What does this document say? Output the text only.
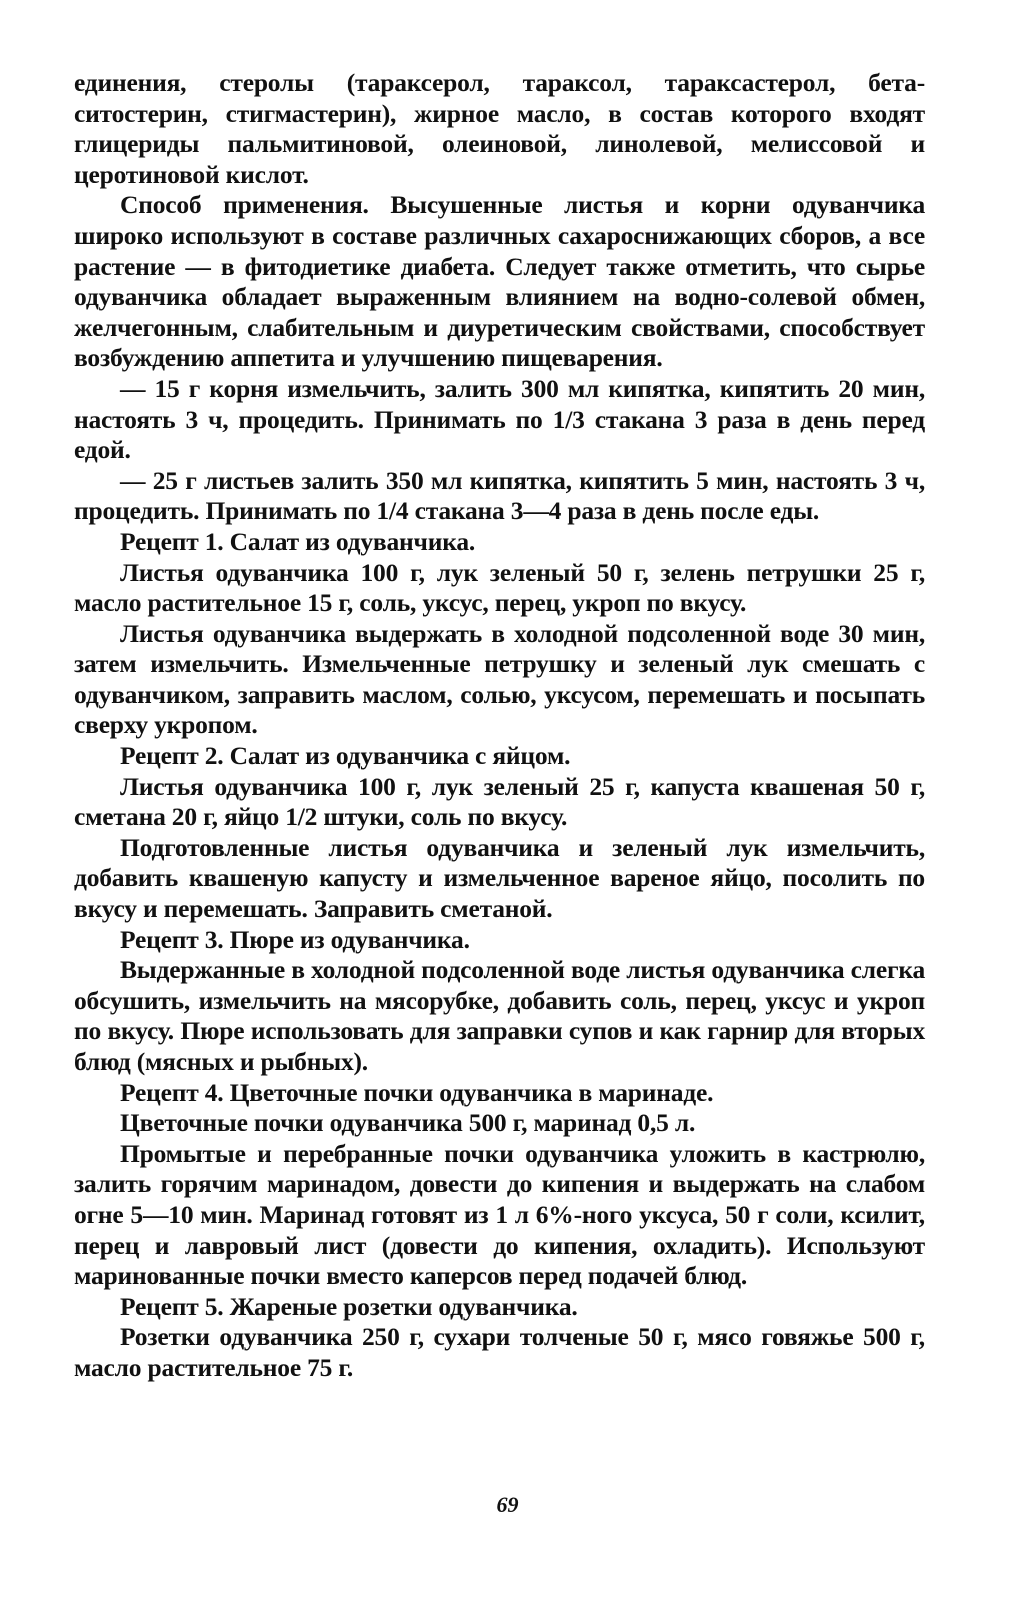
единения, стеролы (тараксерол, тараксол, тараксастерол, бета-ситостерин, стигмастерин), жирное масло, в состав которого входят глицериды пальмитиновой, олеиновой, линолевой, мелиссовой и церотиновой кислот.

Способ применения. Высушенные листья и корни одуванчика широко используют в составе различных сахароснижающих сборов, а все растение — в фитодиетике диабета. Следует также отметить, что сырье одуванчика обладает выраженным влиянием на водно-солевой обмен, желчегонным, слабительным и диуретическим свойствами, способствует возбуждению аппетита и улучшению пищеварения.

— 15 г корня измельчить, залить 300 мл кипятка, кипятить 20 мин, настоять 3 ч, процедить. Принимать по 1/3 стакана 3 раза в день перед едой.

— 25 г листьев залить 350 мл кипятка, кипятить 5 мин, настоять 3 ч, процедить. Принимать по 1/4 стакана 3—4 раза в день после еды.

Рецепт 1. Салат из одуванчика.

Листья одуванчика 100 г, лук зеленый 50 г, зелень петрушки 25 г, масло растительное 15 г, соль, уксус, перец, укроп по вкусу.

Листья одуванчика выдержать в холодной подсоленной воде 30 мин, затем измельчить. Измельченные петрушку и зеленый лук смешать с одуванчиком, заправить маслом, солью, уксусом, перемешать и посыпать сверху укропом.

Рецепт 2. Салат из одуванчика с яйцом.

Листья одуванчика 100 г, лук зеленый 25 г, капуста квашеная 50 г, сметана 20 г, яйцо 1/2 штуки, соль по вкусу.

Подготовленные листья одуванчика и зеленый лук измельчить, добавить квашеную капусту и измельченное вареное яйцо, посолить по вкусу и перемешать. Заправить сметаной.

Рецепт 3. Пюре из одуванчика.

Выдержанные в холодной подсоленной воде листья одуванчика слегка обсушить, измельчить на мясорубке, добавить соль, перец, уксус и укроп по вкусу. Пюре использовать для заправки супов и как гарнир для вторых блюд (мясных и рыбных).

Рецепт 4. Цветочные почки одуванчика в маринаде.

Цветочные почки одуванчика 500 г, маринад 0,5 л.

Промытые и перебранные почки одуванчика уложить в кастрюлю, залить горячим маринадом, довести до кипения и выдержать на слабом огне 5—10 мин. Маринад готовят из 1 л 6%-ного уксуса, 50 г соли, ксилит, перец и лавровый лист (довести до кипения, охладить). Используют маринованные почки вместо каперсов перед подачей блюд.

Рецепт 5. Жареные розетки одуванчика.

Розетки одуванчика 250 г, сухари толченые 50 г, мясо говяжье 500 г, масло растительное 75 г.

69
